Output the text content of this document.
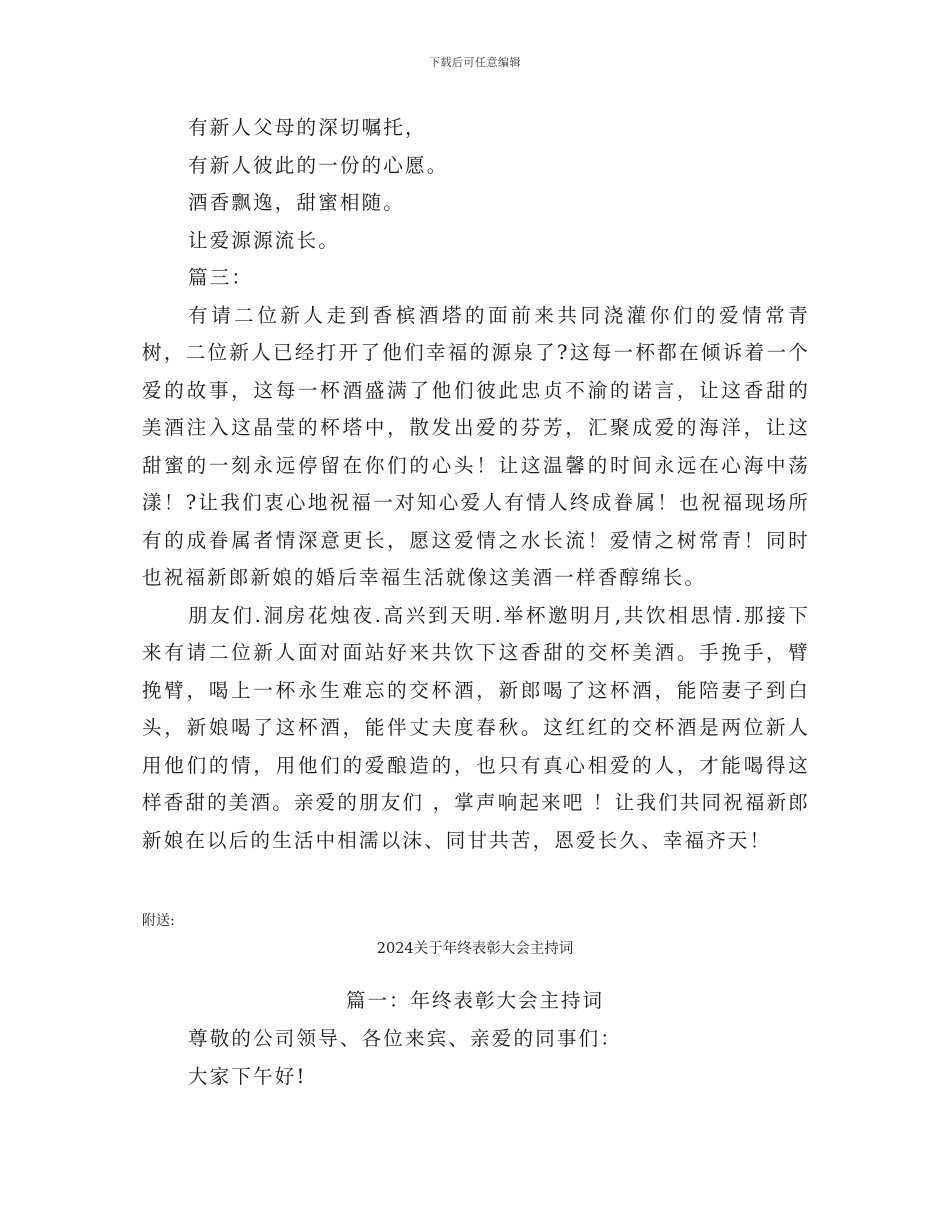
下载后可任意编辑

有新人父母的深切嘱托，

有新人彼此的一份的心愿。

酒香飘逸，甜蜜相随。

让爱源源流长。

篇三：

有请二位新人走到香槟酒塔的面前来共同浇灌你们的爱情常青树，二位新人已经打开了他们幸福的源泉了?这每一杯都在倾诉着一个爱的故事，这每一杯酒盛满了他们彼此忠贞不渝的诺言，让这香甜的美酒注入这晶莹的杯塔中，散发出爱的芬芳，汇聚成爱的海洋，让这甜蜜的一刻永远停留在你们的心头！让这温馨的时间永远在心海中荡漾！?让我们衷心地祝福一对知心爱人有情人终成眷属！也祝福现场所有的成眷属者情深意更长，愿这爱情之水长流！爱情之树常青！同时也祝福新郎新娘的婚后幸福生活就像这美酒一样香醇绵长。

朋友们.洞房花烛夜.高兴到天明.举杯邀明月,共饮相思情.那接下来有请二位新人面对面站好来共饮下这香甜的交杯美酒。手挽手，臂挽臂，喝上一杯永生难忘的交杯酒，新郎喝了这杯酒，能陪妻子到白头，新娘喝了这杯酒，能伴丈夫度春秋。这红红的交杯酒是两位新人用他们的情，用他们的爱酿造的，也只有真心相爱的人，才能喝得这样香甜的美酒。亲爱的朋友们 ，掌声响起来吧 ！让我们共同祝福新郎新娘在以后的生活中相濡以沫、同甘共苦，恩爱长久、幸福齐天！

附送:
2024关于年终表彰大会主持词
篇一：年终表彰大会主持词

尊敬的公司领导、各位来宾、亲爱的同事们：

大家下午好!
